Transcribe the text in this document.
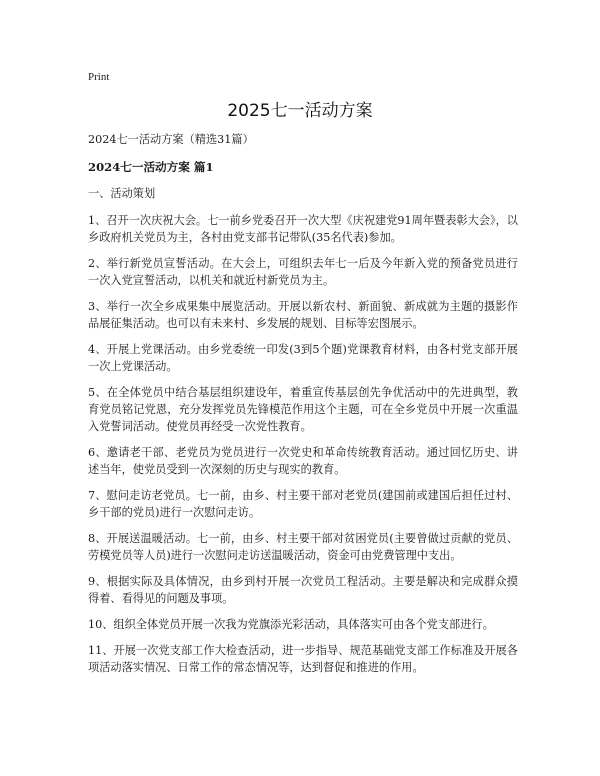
Print
2025七一活动方案

2024七一活动方案（精选31篇）

2024七一活动方案 篇1

一、活动策划

1、召开一次庆祝大会。七一前乡党委召开一次大型《庆祝建党91周年暨表彰大会》，以乡政府机关党员为主，各村由党支部书记带队(35名代表)参加。

2、举行新党员宣誓活动。在大会上，可组织去年七一后及今年新入党的预备党员进行一次入党宣誓活动，以机关和就近村新党员为主。

3、举行一次全乡成果集中展览活动。开展以新农村、新面貌、新成就为主题的摄影作品展征集活动。也可以有未来村、乡发展的规划、目标等宏图展示。

4、开展上党课活动。由乡党委统一印发(3到5个题)党课教育材料，由各村党支部开展一次上党课活动。

5、在全体党员中结合基层组织建设年，着重宣传基层创先争优活动中的先进典型，教育党员铭记党恩，充分发挥党员先锋模范作用这个主题，可在全乡党员中开展一次重温入党誓词活动。使党员再经受一次党性教育。

6、邀请老干部、老党员为党员进行一次党史和革命传统教育活动。通过回忆历史、讲述当年，使党员受到一次深刻的历史与现实的教育。

7、慰问走访老党员。七一前，由乡、村主要干部对老党员(建国前或建国后担任过村、乡干部的党员)进行一次慰问走访。

8、开展送温暖活动。七一前，由乡、村主要干部对贫困党员(主要曾做过贡献的党员、劳模党员等人员)进行一次慰问走访送温暖活动，资金可由党费管理中支出。

9、根据实际及具体情况，由乡到村开展一次党员工程活动。主要是解决和完成群众摸得着、看得见的问题及事项。

10、组织全体党员开展一次我为党旗添光彩活动，具体落实可由各个党支部进行。

11、开展一次党支部工作大检查活动，进一步指导、规范基础党支部工作标准及开展各项活动落实情况、日常工作的常态情况等，达到督促和推进的作用。
